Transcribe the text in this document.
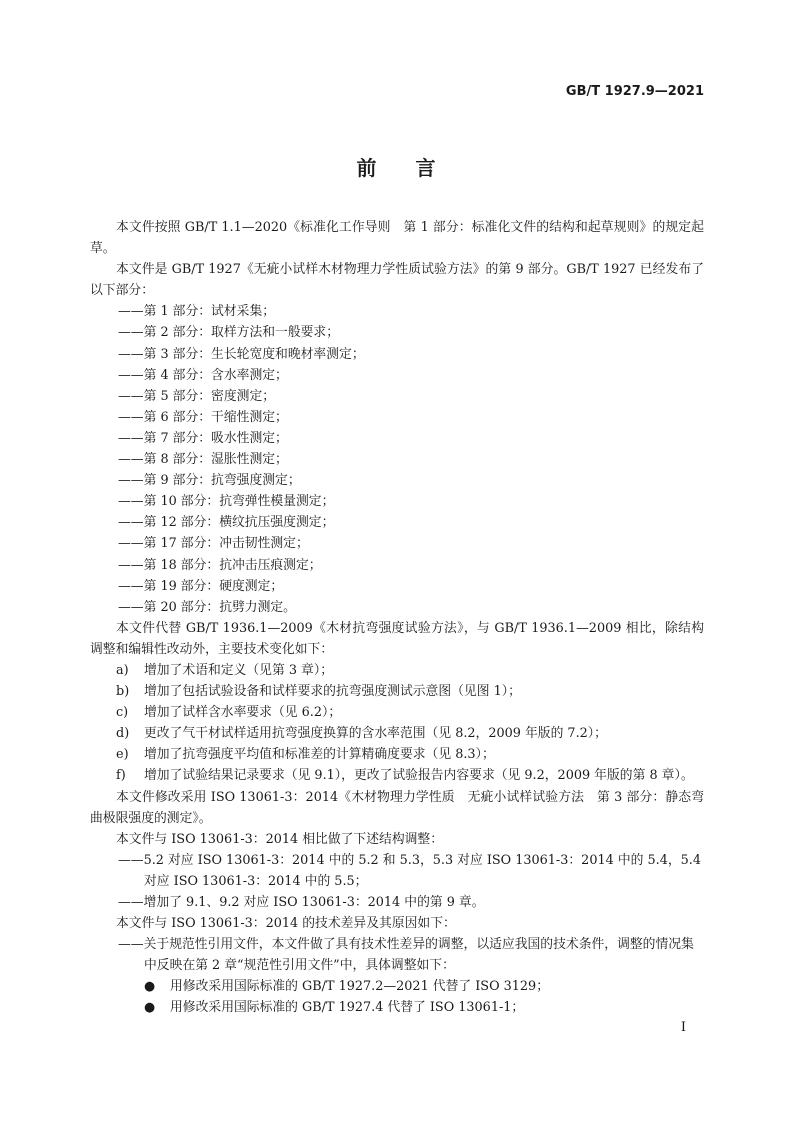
GB/T 1927.9—2021
前 言

本文件按照 GB/T 1.1—2020《标准化工作导则　第 1 部分：标准化文件的结构和起草规则》的规定起草。

本文件是 GB/T 1927《无疵小试样木材物理力学性质试验方法》的第 9 部分。GB/T 1927 已经发布了以下部分：

——第 1 部分：试材采集；

——第 2 部分：取样方法和一般要求；

——第 3 部分：生长轮宽度和晚材率测定；

——第 4 部分：含水率测定；

——第 5 部分：密度测定；

——第 6 部分：干缩性测定；

——第 7 部分：吸水性测定；

——第 8 部分：湿胀性测定；

——第 9 部分：抗弯强度测定；

——第 10 部分：抗弯弹性模量测定；

——第 12 部分：横纹抗压强度测定；

——第 17 部分：冲击韧性测定；

——第 18 部分：抗冲击压痕测定；

——第 19 部分：硬度测定；

——第 20 部分：抗劈力测定。

本文件代替 GB/T 1936.1—2009《木材抗弯强度试验方法》，与 GB/T 1936.1—2009 相比，除结构调整和编辑性改动外，主要技术变化如下：

a) 增加了术语和定义（见第 3 章）；

b) 增加了包括试验设备和试样要求的抗弯强度测试示意图（见图 1）；

c) 增加了试样含水率要求（见 6.2）；

d) 更改了气干材试样适用抗弯强度换算的含水率范围（见 8.2，2009 年版的 7.2）；

e) 增加了抗弯强度平均值和标准差的计算精确度要求（见 8.3）；

f) 增加了试验结果记录要求（见 9.1），更改了试验报告内容要求（见 9.2，2009 年版的第 8 章）。

本文件修改采用 ISO 13061-3：2014《木材物理力学性质　无疵小试样试验方法　第 3 部分：静态弯曲极限强度的测定》。

本文件与 ISO 13061-3：2014 相比做了下述结构调整：

——5.2 对应 ISO 13061-3：2014 中的 5.2 和 5.3，5.3 对应 ISO 13061-3：2014 中的 5.4，5.4 对应 ISO 13061-3：2014 中的 5.5；

——增加了 9.1、9.2 对应 ISO 13061-3：2014 中的第 9 章。

本文件与 ISO 13061-3：2014 的技术差异及其原因如下：

——关于规范性引用文件，本文件做了具有技术性差异的调整，以适应我国的技术条件，调整的情况集中反映在第 2 章“规范性引用文件”中，具体调整如下：

● 用修改采用国际标准的 GB/T 1927.2—2021 代替了 ISO 3129；

● 用修改采用国际标准的 GB/T 1927.4 代替了 ISO 13061-1；

I
